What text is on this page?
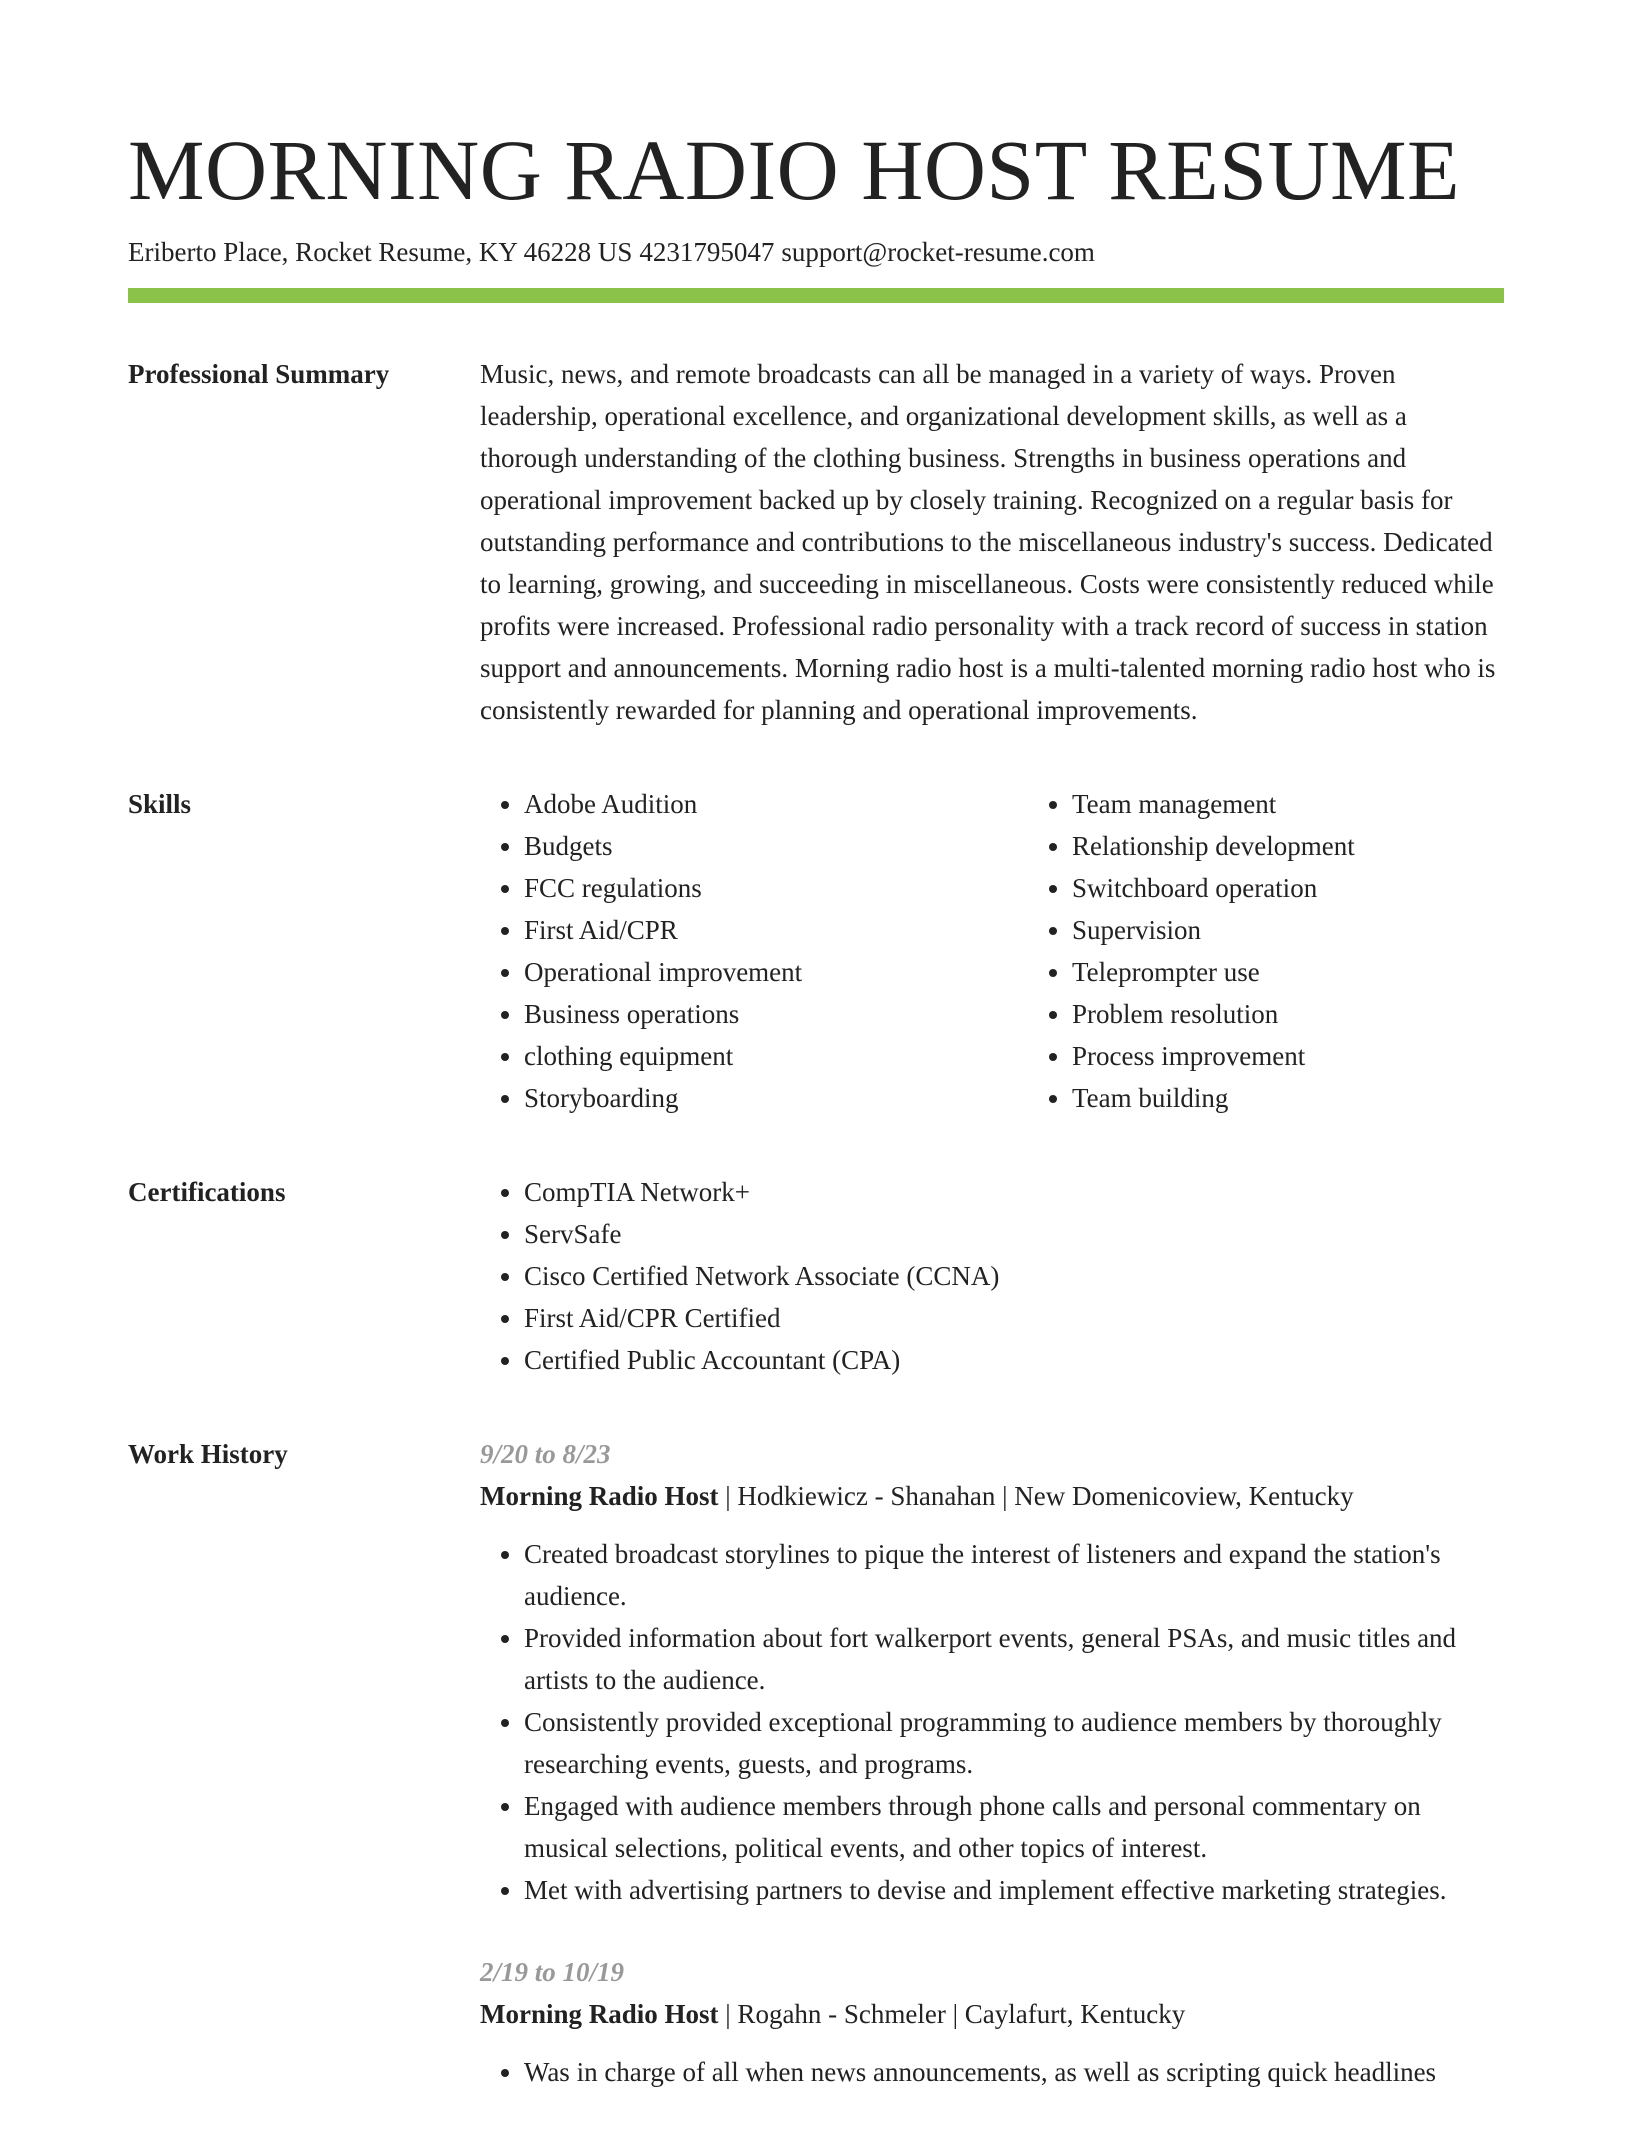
MORNING RADIO HOST RESUME
Eriberto Place, Rocket Resume, KY 46228 US 4231795047 support@rocket-resume.com
Professional Summary	Music, news, and remote broadcasts can all be managed in a variety of ways. Proven leadership, operational excellence, and organizational development skills, as well as a thorough understanding of the clothing business. Strengths in business operations and operational improvement backed up by closely training. Recognized on a regular basis for outstanding performance and contributions to the miscellaneous industry's success. Dedicated to learning, growing, and succeeding in miscellaneous. Costs were consistently reduced while profits were increased. Professional radio personality with a track record of success in station support and announcements. Morning radio host is a multi-talented morning radio host who is consistently rewarded for planning and operational improvements.

Skills	• Adobe Audition
• Budgets
• FCC regulations
• First Aid/CPR
• Operational improvement
• Business operations
• clothing equipment
• Storyboarding
• Team management
• Relationship development
• Switchboard operation
• Supervision
• Teleprompter use
• Problem resolution
• Process improvement
• Team building
Certifications	• CompTIA Network+
• ServSafe
• Cisco Certified Network Associate (CCNA)
• First Aid/CPR Certified
• Certified Public Accountant (CPA)
Work History	9/20 to 8/23
Morning Radio Host | Hodkiewicz - Shanahan | New Domenicoview, Kentucky
• Created broadcast storylines to pique the interest of listeners and expand the station's audience.
• Provided information about fort walkerport events, general PSAs, and music titles and artists to the audience.
• Consistently provided exceptional programming to audience members by thoroughly researching events, guests, and programs.
• Engaged with audience members through phone calls and personal commentary on musical selections, political events, and other topics of interest.
• Met with advertising partners to devise and implement effective marketing strategies.
2/19 to 10/19
Morning Radio Host | Rogahn - Schmeler | Caylafurt, Kentucky
• Was in charge of all when news announcements, as well as scripting quick headlines
